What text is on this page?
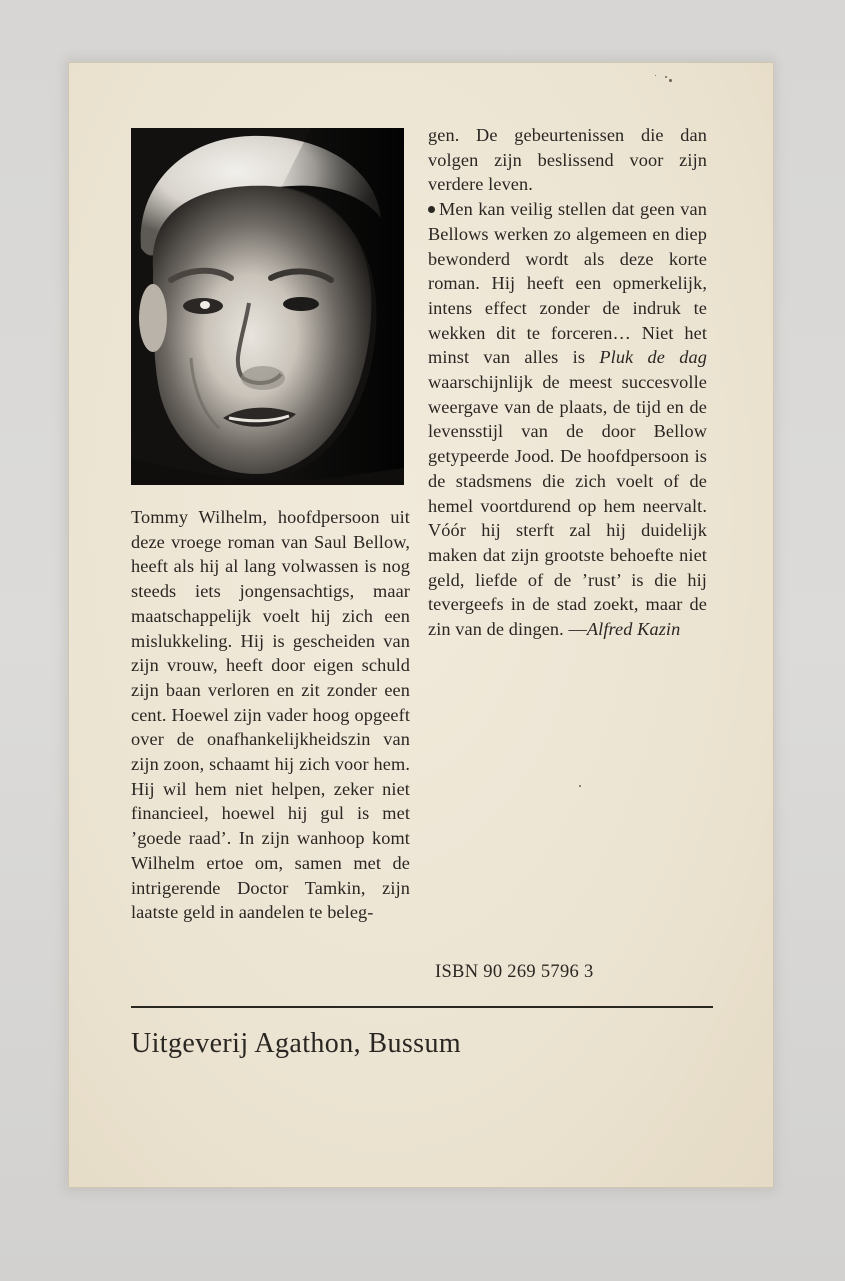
Tommy Wilhelm, hoofdpersoon uit deze vroege roman van Saul Bellow, heeft als hij al lang volwassen is nog steeds iets jongensachtigs, maar maatschappelijk voelt hij zich een mislukkeling. Hij is gescheiden van zijn vrouw, heeft door eigen schuld zijn baan verloren en zit zonder een cent. Hoewel zijn vader hoog opgeeft over de onafhankelijkheidszin van zijn zoon, schaamt hij zich voor hem. Hij wil hem niet helpen, zeker niet financieel, hoewel hij gul is met ’goede raad’. In zijn wanhoop komt Wilhelm ertoe om, samen met de intrigerende Doctor Tamkin, zijn laatste geld in aandelen te beleg-

gen. De gebeurtenissen die dan volgen zijn beslissend voor zijn verdere leven.

Men kan veilig stellen dat geen van Bellows werken zo algemeen en diep bewonderd wordt als deze korte roman. Hij heeft een opmerkelijk, intens effect zonder de indruk te wekken dit te forceren… Niet het minst van alles is Pluk de dag waarschijnlijk de meest succesvolle weergave van de plaats, de tijd en de levensstijl van de door Bellow getypeerde Jood. De hoofdpersoon is de stadsmens die zich voelt of de hemel voortdurend op hem neervalt. Vóór hij sterft zal hij duidelijk maken dat zijn grootste behoefte niet geld, liefde of de ’rust’ is die hij tevergeefs in de stad zoekt, maar de zin van de dingen. —Alfred Kazin

ISBN 90 269 5796 3
Uitgeverij Agathon, Bussum
